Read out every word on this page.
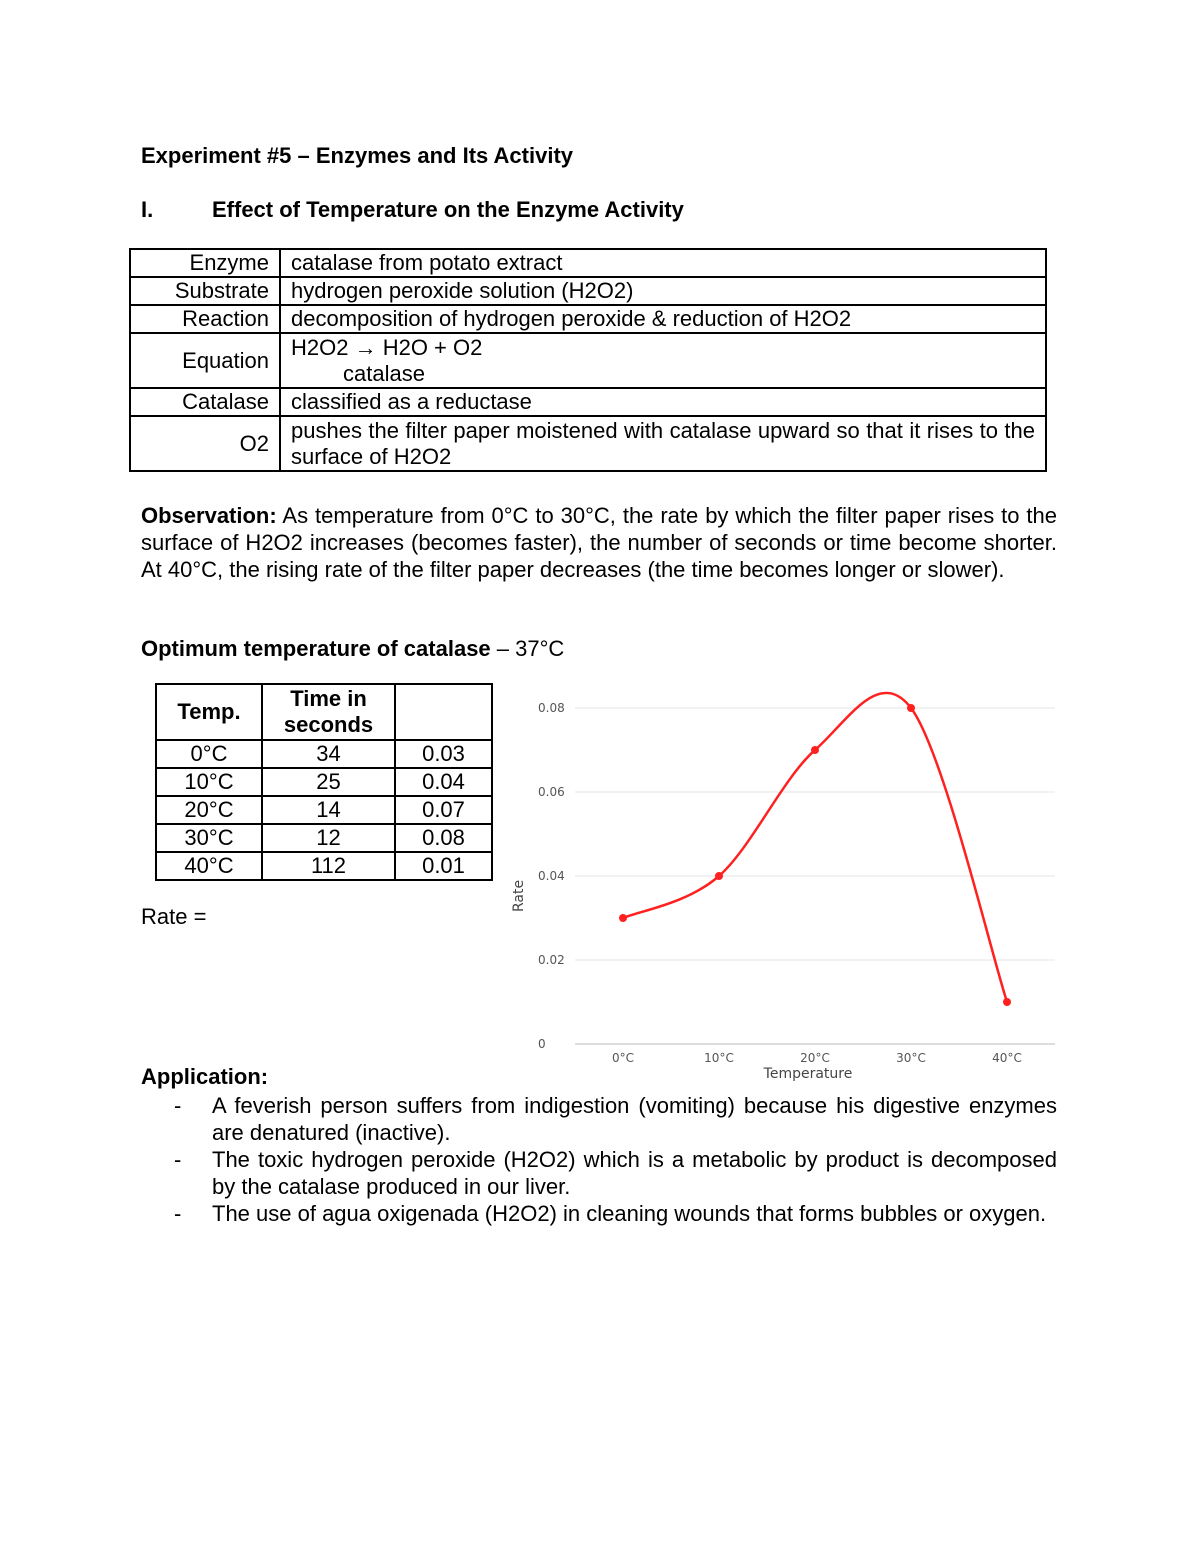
Experiment #5 – Enzymes and Its Activity
I.	Effect of Temperature on the Enzyme Activity
Enzyme	catalase from potato extract
Substrate	hydrogen peroxide solution (H2O2)
Reaction	decomposition of hydrogen peroxide & reduction of H2O2
Equation	H2O2 → H2O + O2
catalase

Catalase	classified as a reductase
O2	pushes the filter paper moistened with catalase upward so that it rises to the surface of H2O2
Observation: As temperature from 0°C to 30°C, the rate by which the filter paper rises to the surface of H2O2 increases (becomes faster), the number of seconds or time become shorter. At 40°C, the rising rate of the filter paper decreases (the time becomes longer or slower).
Optimum temperature of catalase – 37°C
Temp.	Time in seconds	
0°C	34	0.03
10°C	25	0.04
20°C	14	0.07
30°C	12	0.08
40°C	112	0.01
Rate =
0
0.02
0.04
0.06
0.08
0°C	10°C	20°C	30°C	40°C
Temperature
Rate
Application:
- A feverish person suffers from indigestion (vomiting) because his digestive enzymes are denatured (inactive).
- The toxic hydrogen peroxide (H2O2) which is a metabolic by product is decomposed by the catalase produced in our liver.
- The use of agua oxigenada (H2O2) in cleaning wounds that forms bubbles or oxygen.
